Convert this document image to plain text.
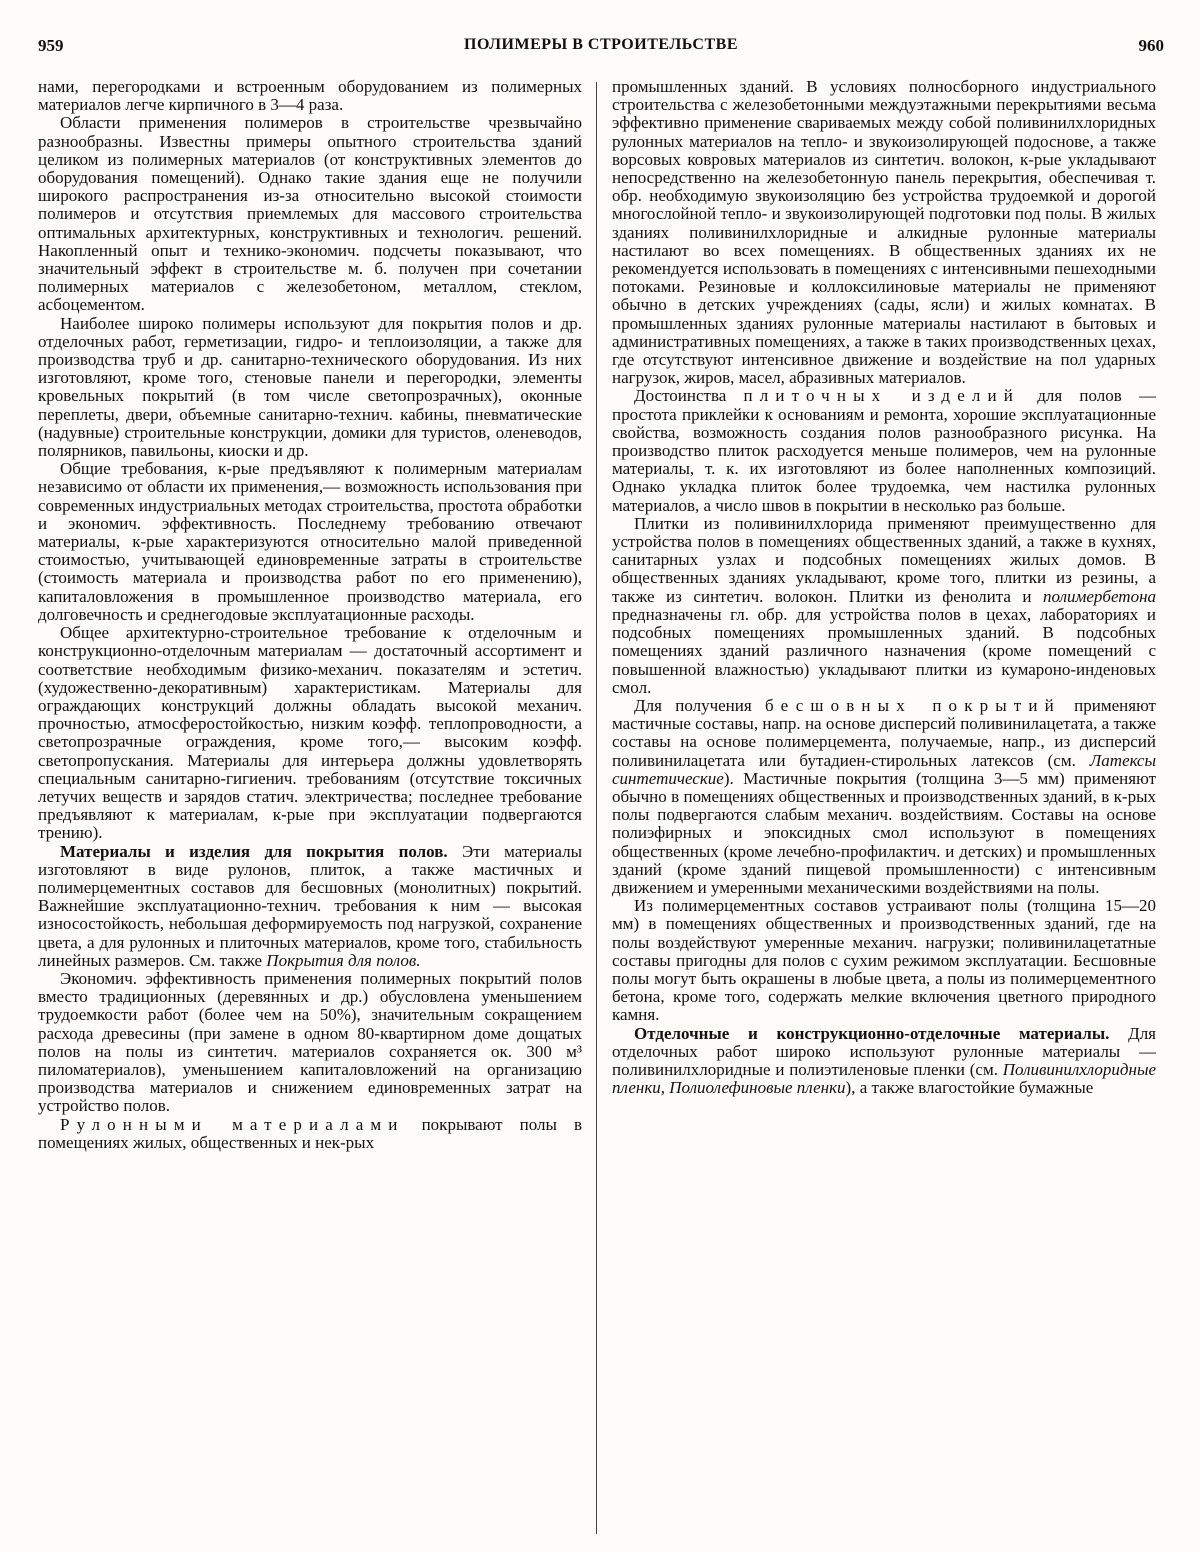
959	ПОЛИМЕРЫ В СТРОИТЕЛЬСТВЕ	960

нами, перегородками и встроенным оборудованием из полимерных материалов легче кирпичного в 3—4 раза.

Области применения полимеров в строительстве чрезвычайно разнообразны. Известны примеры опытного строительства зданий целиком из полимерных материалов (от конструктивных элементов до оборудования помещений). Однако такие здания еще не получили широкого распространения из-за относительно высокой стоимости полимеров и отсутствия приемлемых для массового строительства оптимальных архитектурных, конструктивных и технологич. решений. Накопленный опыт и технико-экономич. подсчеты показывают, что значительный эффект в строительстве м. б. получен при сочетании полимерных материалов с железобетоном, металлом, стеклом, асбоцементом.

Наиболее широко полимеры используют для покрытия полов и др. отделочных работ, герметизации, гидро- и теплоизоляции, а также для производства труб и др. санитарно-технического оборудования. Из них изготовляют, кроме того, стеновые панели и перегородки, элементы кровельных покрытий (в том числе светопрозрачных), оконные переплеты, двери, объемные санитарно-технич. кабины, пневматические (надувные) строительные конструкции, домики для туристов, оленеводов, полярников, павильоны, киоски и др.

Общие требования, к-рые предъявляют к полимерным материалам независимо от области их применения,— возможность использования при современных индустриальных методах строительства, простота обработки и экономич. эффективность. Последнему требованию отвечают материалы, к-рые характеризуются относительно малой приведенной стоимостью, учитывающей единовременные затраты в строительстве (стоимость материала и производства работ по его применению), капиталовложения в промышленное производство материала, его долговечность и среднегодовые эксплуатационные расходы.

Общее архитектурно-строительное требование к отделочным и конструкционно-отделочным материалам — достаточный ассортимент и соответствие необходимым физико-механич. показателям и эстетич. (художественно-декоративным) характеристикам. Материалы для ограждающих конструкций должны обладать высокой механич. прочностью, атмосферостойкостью, низким коэфф. теплопроводности, а светопрозрачные ограждения, кроме того,— высоким коэфф. светопропускания. Материалы для интерьера должны удовлетворять специальным санитарно-гигиенич. требованиям (отсутствие токсичных летучих веществ и зарядов статич. электричества; последнее требование предъявляют к материалам, к-рые при эксплуатации подвергаются трению).

Материалы и изделия для покрытия полов. Эти материалы изготовляют в виде рулонов, плиток, а также мастичных и полимерцементных составов для бесшовных (монолитных) покрытий. Важнейшие эксплуатационно-технич. требования к ним — высокая износостойкость, небольшая деформируемость под нагрузкой, сохранение цвета, а для рулонных и плиточных материалов, кроме того, стабильность линейных размеров. См. также Покрытия для полов.

Экономич. эффективность применения полимерных покрытий полов вместо традиционных (деревянных и др.) обусловлена уменьшением трудоемкости работ (более чем на 50%), значительным сокращением расхода древесины (при замене в одном 80-квартирном доме дощатых полов на полы из синтетич. материалов сохраняется ок. 300 м³ пиломатериалов), уменьшением капиталовложений на организацию производства материалов и снижением единовременных затрат на устройство полов.

Рулонными материалами покрывают полы в помещениях жилых, общественных и нек-рых

промышленных зданий. В условиях полносборного индустриального строительства с железобетонными междуэтажными перекрытиями весьма эффективно применение свариваемых между собой поливинилхлоридных рулонных материалов на тепло- и звукоизолирующей подоснове, а также ворсовых ковровых материалов из синтетич. волокон, к-рые укладывают непосредственно на железобетонную панель перекрытия, обеспечивая т. обр. необходимую звукоизоляцию без устройства трудоемкой и дорогой многослойной тепло- и звукоизолирующей подготовки под полы. В жилых зданиях поливинилхлоридные и алкидные рулонные материалы настилают во всех помещениях. В общественных зданиях их не рекомендуется использовать в помещениях с интенсивными пешеходными потоками. Резиновые и коллоксилиновые материалы не применяют обычно в детских учреждениях (сады, ясли) и жилых комнатах. В промышленных зданиях рулонные материалы настилают в бытовых и административных помещениях, а также в таких производственных цехах, где отсутствуют интенсивное движение и воздействие на пол ударных нагрузок, жиров, масел, абразивных материалов.

Достоинства плиточных изделий для полов — простота приклейки к основаниям и ремонта, хорошие эксплуатационные свойства, возможность создания полов разнообразного рисунка. На производство плиток расходуется меньше полимеров, чем на рулонные материалы, т. к. их изготовляют из более наполненных композиций. Однако укладка плиток более трудоемка, чем настилка рулонных материалов, а число швов в покрытии в несколько раз больше.

Плитки из поливинилхлорида применяют преимущественно для устройства полов в помещениях общественных зданий, а также в кухнях, санитарных узлах и подсобных помещениях жилых домов. В общественных зданиях укладывают, кроме того, плитки из резины, а также из синтетич. волокон. Плитки из фенолита и полимербетона предназначены гл. обр. для устройства полов в цехах, лабораториях и подсобных помещениях промышленных зданий. В подсобных помещениях зданий различного назначения (кроме помещений с повышенной влажностью) укладывают плитки из кумароно-инденовых смол.

Для получения бесшовных покрытий применяют мастичные составы, напр. на основе дисперсий поливинилацетата, а также составы на основе полимерцемента, получаемые, напр., из дисперсий поливинилацетата или бутадиен-стирольных латексов (см. Латексы синтетические). Мастичные покрытия (толщина 3—5 мм) применяют обычно в помещениях общественных и производственных зданий, в к-рых полы подвергаются слабым механич. воздействиям. Составы на основе полиэфирных и эпоксидных смол используют в помещениях общественных (кроме лечебно-профилактич. и детских) и промышленных зданий (кроме зданий пищевой промышленности) с интенсивным движением и умеренными механическими воздействиями на полы.

Из полимерцементных составов устраивают полы (толщина 15—20 мм) в помещениях общественных и производственных зданий, где на полы воздействуют умеренные механич. нагрузки; поливинилацетатные составы пригодны для полов с сухим режимом эксплуатации. Бесшовные полы могут быть окрашены в любые цвета, а полы из полимерцементного бетона, кроме того, содержать мелкие включения цветного природного камня.

Отделочные и конструкционно-отделочные материалы. Для отделочных работ широко используют рулонные материалы — поливинилхлоридные и полиэтиленовые пленки (см. Поливинилхлоридные пленки, Полиолефиновые пленки), а также влагостойкие бумажные
